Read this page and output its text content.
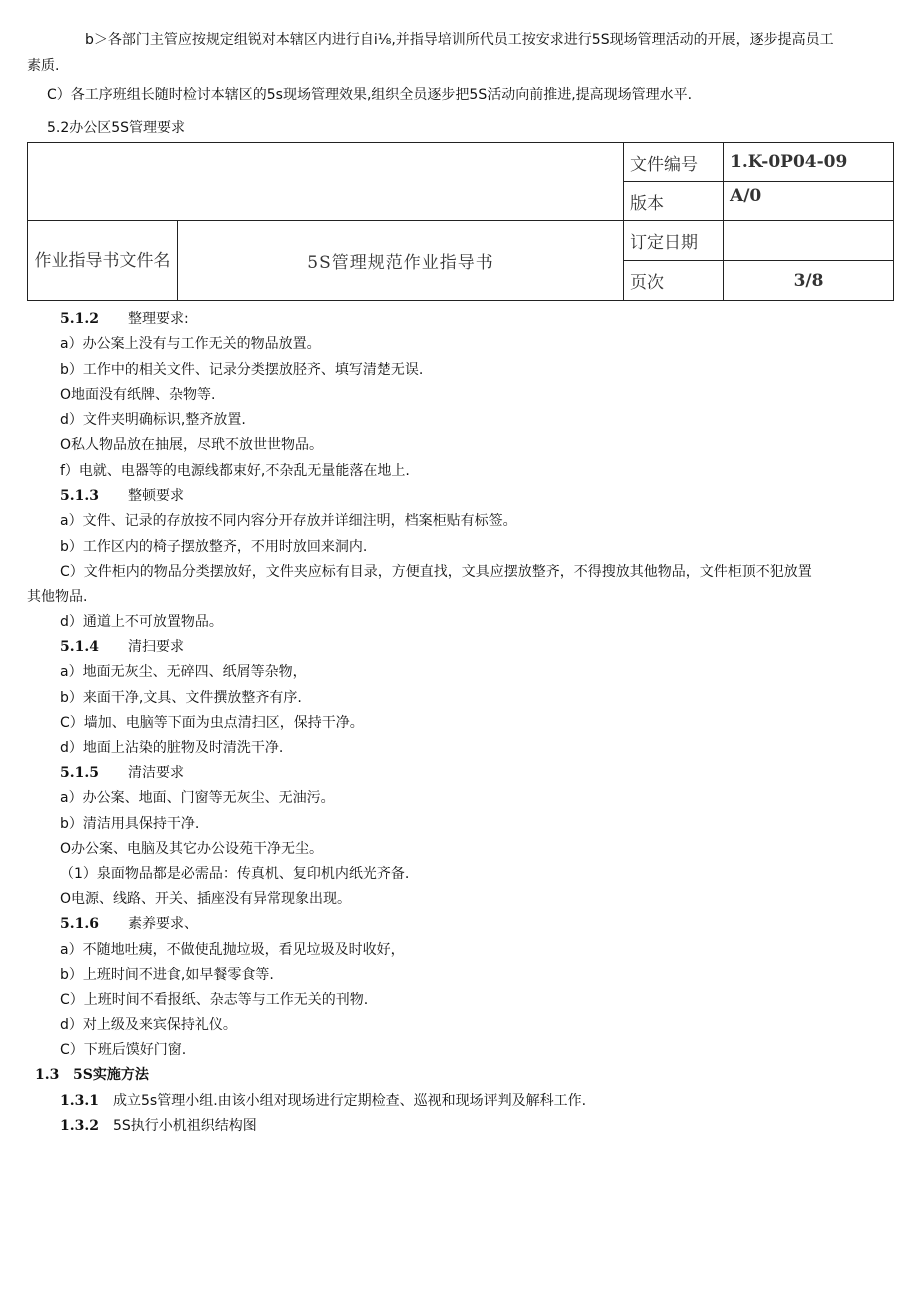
b＞各部门主管应按规定组锐对本辖区内进行自i⅛,并指导培训所代员工按安求进行5S现场管理活动的开展，逐步提高员工
素质.
C）各工序班组长随时检讨本辖区的5s现场管理效果,组织全员逐步把5S活动向前推进,提高现场管理水平.
5.2办公区5S管理要求
		文件编号	1.K-0P04-09
		版本	A/0
作业指导书文件名	5S管理规范作业指导书	订定日期	
		页次	3/8
5.1.2 整理要求:
a）办公案上没有与工作无关的物品放置。
b）工作中的相关文件、记录分类摆放胫齐、填写清楚无误.
O地面没有纸牌、杂物等.
d）文件夹明确标识,整齐放置.
O私人物品放在抽展，尽玳不放世世物品。
f）电就、电器等的电源线都束好,不杂乱无量能落在地上.
5.1.3 整顿要求
a）文件、记录的存放按不同内容分开存放并详细注明，档案柜贴有标签。
b）工作区内的椅子摆放整齐，不用时放回来洞内.
C）文件柜内的物品分类摆放好，文件夹应标有目录，方便直找，文具应摆放整齐，不得搜放其他物品，文件柜顶不犯放置
其他物品.
d）通道上不可放置物品。
5.1.4 清扫要求
a）地面无灰尘、无碎四、纸屑等杂物，
b）来面干净,文具、文件撰放整齐有序.
C）墙加、电脑等下面为虫点清扫区，保持干净。
d）地面上沾染的脏物及时清洗干净.
5.1.5 清洁要求
a）办公案、地面、门窗等无灰尘、无油污。
b）清洁用具保持干净.
O办公案、电脑及其它办公设苑干净无尘。
（1）泉面物品都是必需品：传真机、复印机内纸光齐备.
O电源、线路、开关、插座没有异常现象出现。
5.1.6 素养要求、
a）不随地吐痍，不做使乱抛垃圾，看见垃圾及时收好，
b）上班时间不进食,如早餐零食等.
C）上班时间不看报纸、杂志等与工作无关的刊物.
d）对上级及来宾保持礼仪。
C）下班后馍好门窗.
1.3 5S实施方法
1.3.1 成立5s管理小组.由该小组对现场进行定期检查、巡视和现场评判及解科工作.
1.3.2 5S执行小机祖织结构图
